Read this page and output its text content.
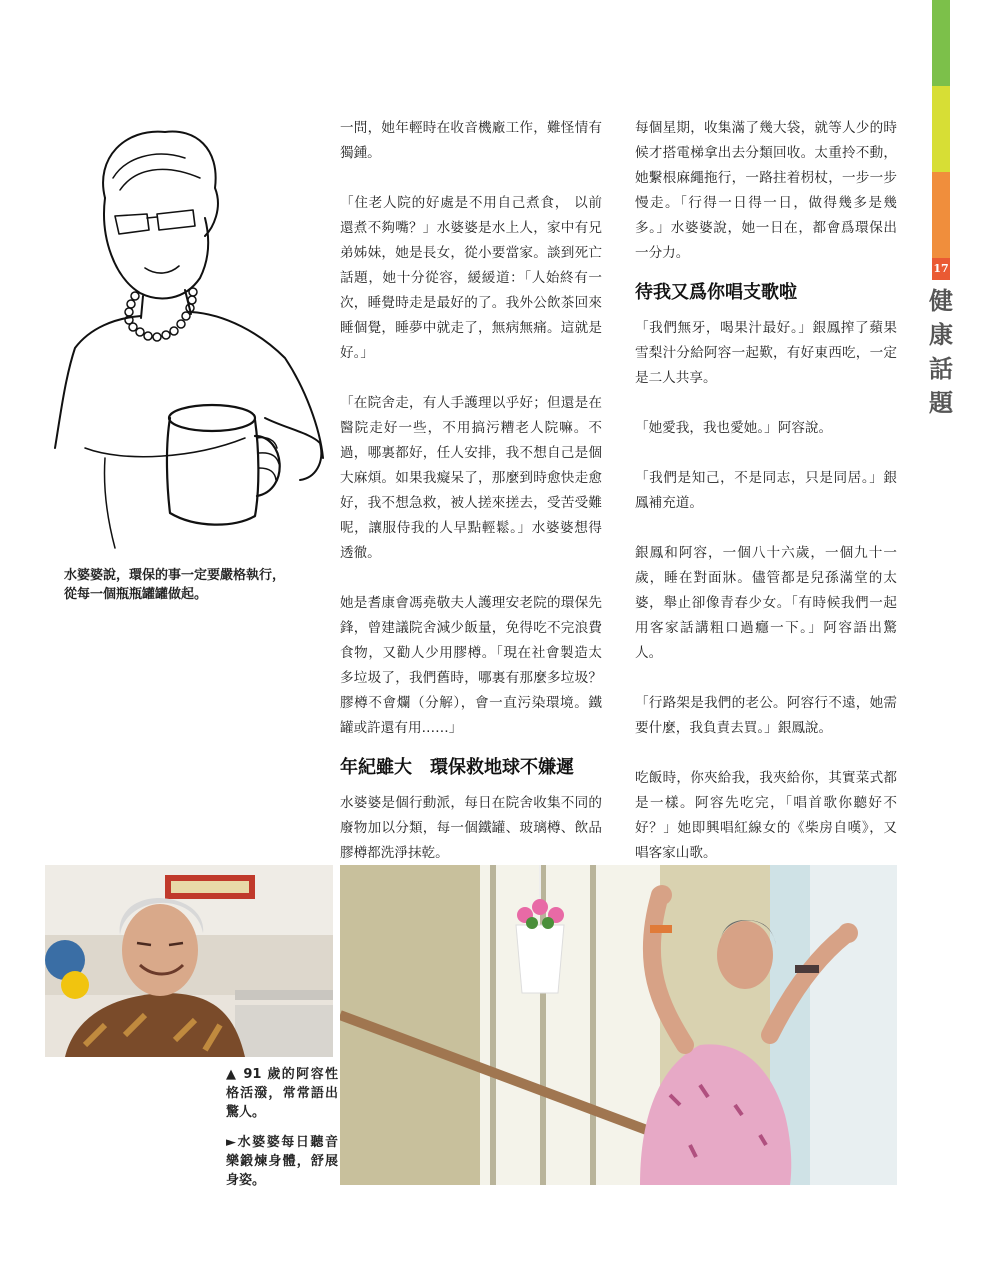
17
健
康
話
題
水婆婆說，環保的事一定要嚴格執行，
從每一個瓶瓶罐罐做起。

一問，她年輕時在收音機廠工作，難怪情有獨鍾。

「住老人院的好處是不用自己煮食， 以前還煮不夠嘴？」水婆婆是水上人，家中有兄弟姊妹，她是長女，從小要當家。談到死亡話題，她十分從容，緩緩道：「人始終有一次，睡覺時走是最好的了。我外公飲茶回來睡個覺，睡夢中就走了，無病無痛。這就是好。」

「在院舍走，有人手護理以乎好；但還是在醫院走好一些，不用搞污糟老人院嘛。不過，哪裏都好，任人安排，我不想自己是個大麻煩。如果我癡呆了，那麼到時愈快走愈好，我不想急救，被人搓來搓去，受苦受難呢，讓服侍我的人早點輕鬆。」水婆婆想得透徹。

她是耆康會馮堯敬夫人護理安老院的環保先鋒，曾建議院舍減少飯量，免得吃不完浪費食物，又勸人少用膠樽。「現在社會製造太多垃圾了，我們舊時，哪裏有那麼多垃圾？膠樽不會爛（分解），會一直污染環境。鐵罐或許還有用……」

年紀雖大　環保救地球不嫌遲

水婆婆是個行動派，每日在院舍收集不同的廢物加以分類，每一個鐵罐、玻璃樽、飲品膠樽都洗淨抹乾。

每個星期，收集滿了幾大袋，就等人少的時候才搭電梯拿出去分類回收。太重拎不動，她繫根麻繩拖行，一路拄着枴杖，一步一步慢走。「行得一日得一日，做得幾多是幾多。」水婆婆說，她一日在，都會爲環保出一分力。

待我又爲你唱支歌啦

「我們無牙，喝果汁最好。」銀鳳搾了蘋果雪梨汁分給阿容一起歎，有好東西吃，一定是二人共享。

「她愛我，我也愛她。」阿容說。

「我們是知己，不是同志，只是同居。」銀鳳補充道。

銀鳳和阿容，一個八十六歲，一個九十一歲，睡在對面牀。儘管都是兒孫滿堂的太婆，舉止卻像青春少女。「有時候我們一起用客家話講粗口過癮一下。」阿容語出驚人。

「行路架是我們的老公。阿容行不遠，她需要什麼，我負責去買。」銀鳳說。

吃飯時，你夾給我，我夾給你，其實菜式都是一樣。阿容先吃完，「唱首歌你聽好不好？」她即興唱紅線女的《柴房自嘆》，又唱客家山歌。

▲ 91 歲的阿容性格活潑，常常語出驚人。
►水婆婆每日聽音樂鍛煉身體，舒展身姿。
